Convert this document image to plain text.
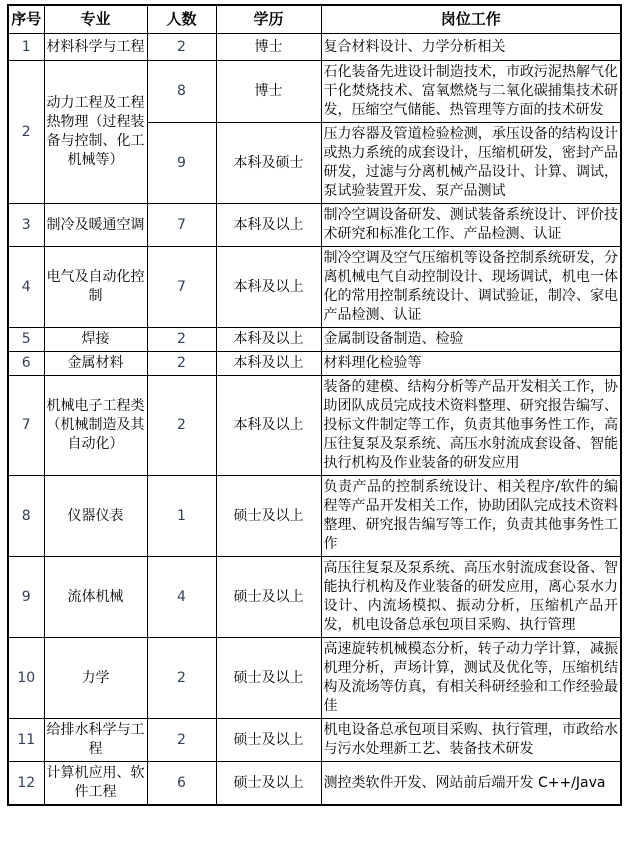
序号	专业	人数	学历	岗位工作
1	材料科学与工程	2	博士	复合材料设计、力学分析相关
2	动力工程及工程热物理（过程装备与控制、化工机械等）	8	博士	石化装备先进设计制造技术，市政污泥热解气化干化焚烧技术、富氧燃烧与二氧化碳捕集技术研发，压缩空气储能、热管理等方面的技术研发
		9	本科及硕士	压力容器及管道检验检测，承压设备的结构设计或热力系统的成套设计，压缩机研发，密封产品研发，过滤与分离机械产品设计、计算、调试，泵试验装置开发、泵产品测试
3	制冷及暖通空调	7	本科及以上	制冷空调设备研发、测试装备系统设计、评价技术研究和标准化工作、产品检测、认证
4	电气及自动化控制	7	本科及以上	制冷空调及空气压缩机等设备控制系统研发，分离机械电气自动控制设计、现场调试，机电一体化的常用控制系统设计、调试验证，制冷、家电产品检测、认证
5	焊接	2	本科及以上	金属制设备制造、检验
6	金属材料	2	本科及以上	材料理化检验等
7	机械电子工程类（机械制造及其自动化）	2	本科及以上	装备的建模、结构分析等产品开发相关工作，协助团队成员完成技术资料整理、研究报告编写、投标文件制定等工作，负责其他事务性工作，高压往复泵及泵系统、高压水射流成套设备、智能执行机构及作业装备的研发应用
8	仪器仪表	1	硕士及以上	负责产品的控制系统设计、相关程序/软件的编程等产品开发相关工作，协助团队完成技术资料整理、研究报告编写等工作，负责其他事务性工作
9	流体机械	4	硕士及以上	高压往复泵及泵系统、高压水射流成套设备、智能执行机构及作业装备的研发应用，离心泵水力设计、内流场模拟、振动分析，压缩机产品开发，机电设备总承包项目采购、执行管理
10	力学	2	硕士及以上	高速旋转机械模态分析，转子动力学计算，减振机理分析，声场计算，测试及优化等，压缩机结构及流场等仿真，有相关科研经验和工作经验最佳
11	给排水科学与工程	2	硕士及以上	机电设备总承包项目采购、执行管理，市政给水与污水处理新工艺、装备技术研发
12	计算机应用、软件工程	6	硕士及以上	测控类软件开发、网站前后端开发 C++/Java
